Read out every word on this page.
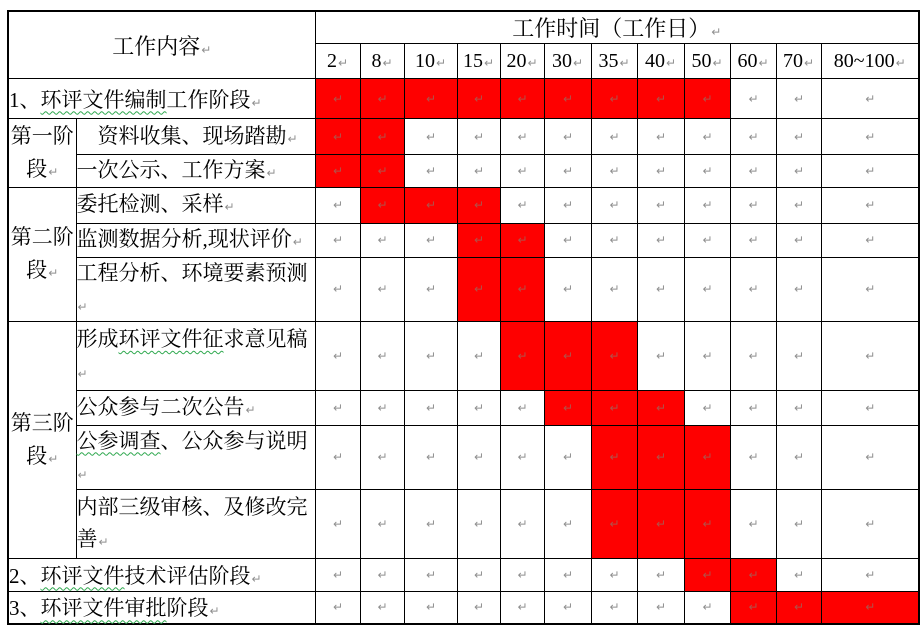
工作内容↵		工作时间（工作日）↵											
		2↵	8↵	10↵	15↵	20↵	30↵	35↵	40↵	50↵	60↵	70↵	80~100↵
1、环评文件编制工作阶段↵		↵	↵	↵	↵	↵	↵	↵	↵	↵	↵	↵	↵
第一阶段↵	　资料收集、现场踏勘↵	↵	↵	↵	↵	↵	↵	↵	↵	↵	↵	↵	↵
	一次公示、工作方案↵	↵	↵	↵	↵	↵	↵	↵	↵	↵	↵	↵	↵
第二阶段↵	委托检测、采样↵	↵	↵	↵	↵	↵	↵	↵	↵	↵	↵	↵	↵
	监测数据分析,现状评价↵	↵	↵	↵	↵	↵	↵	↵	↵	↵	↵	↵	↵
	工程分析、环境要素预测↵	↵	↵	↵	↵	↵	↵	↵	↵	↵	↵	↵	↵
第三阶段↵	形成环评文件征求意见稿↵	↵	↵	↵	↵	↵	↵	↵	↵	↵	↵	↵	↵
	公众参与二次公告↵	↵	↵	↵	↵	↵	↵	↵	↵	↵	↵	↵	↵
	公参调查、公众参与说明↵	↵	↵	↵	↵	↵	↵	↵	↵	↵	↵	↵	↵
	内部三级审核、及修改完善↵	↵	↵	↵	↵	↵	↵	↵	↵	↵	↵	↵	↵
2、环评文件技术评估阶段↵		↵	↵	↵	↵	↵	↵	↵	↵	↵	↵	↵	↵
3、环评文件审批阶段↵		↵	↵	↵	↵	↵	↵	↵	↵	↵	↵	↵	↵
